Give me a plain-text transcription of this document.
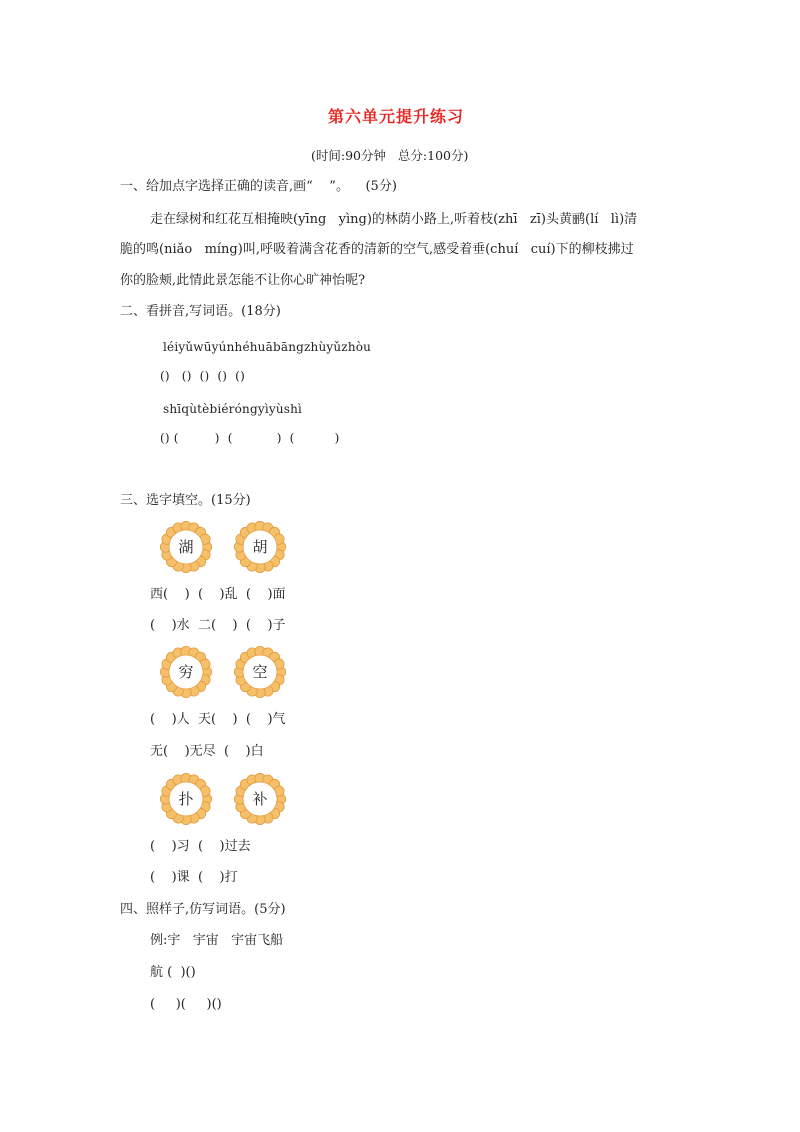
第六单元提升练习
(时间:90分钟   总分:100分)
一、给加点字选择正确的读音,画“    ”。    (5分)
走在绿树和红花互相掩映(yīng   yìng)的林荫小路上,听着枝(zhī   zī)头黄鹂(lí   lì)清
脆的鸣(niǎo   míng)叫,呼吸着满含花香的清新的空气,感受着垂(chuí   cuí)下的柳枝拂过
你的脸颊,此情此景怎能不让你心旷神怡呢?
二、看拼音,写词语。(18分)
léiyǔwūyúnhéhuābāngzhùyǔzhòu
()   ()  ()  ()  ()
shīqùtèbiéróngyìyùshì
() (         )  (           )  (          )
三、选字填空。(15分)
湖	胡
西(    )  (    )乱  (    )面
(    )水  二(    )  (    )子
穷	空
(    )人  天(    )  (    )气
无(    )无尽  (    )白
扑	补
(    )习  (    )过去
(    )课  (    )打
四、照样子,仿写词语。(5分)
例:宇   宇宙   宇宙飞船
航 (  )()
(     )(     )()
